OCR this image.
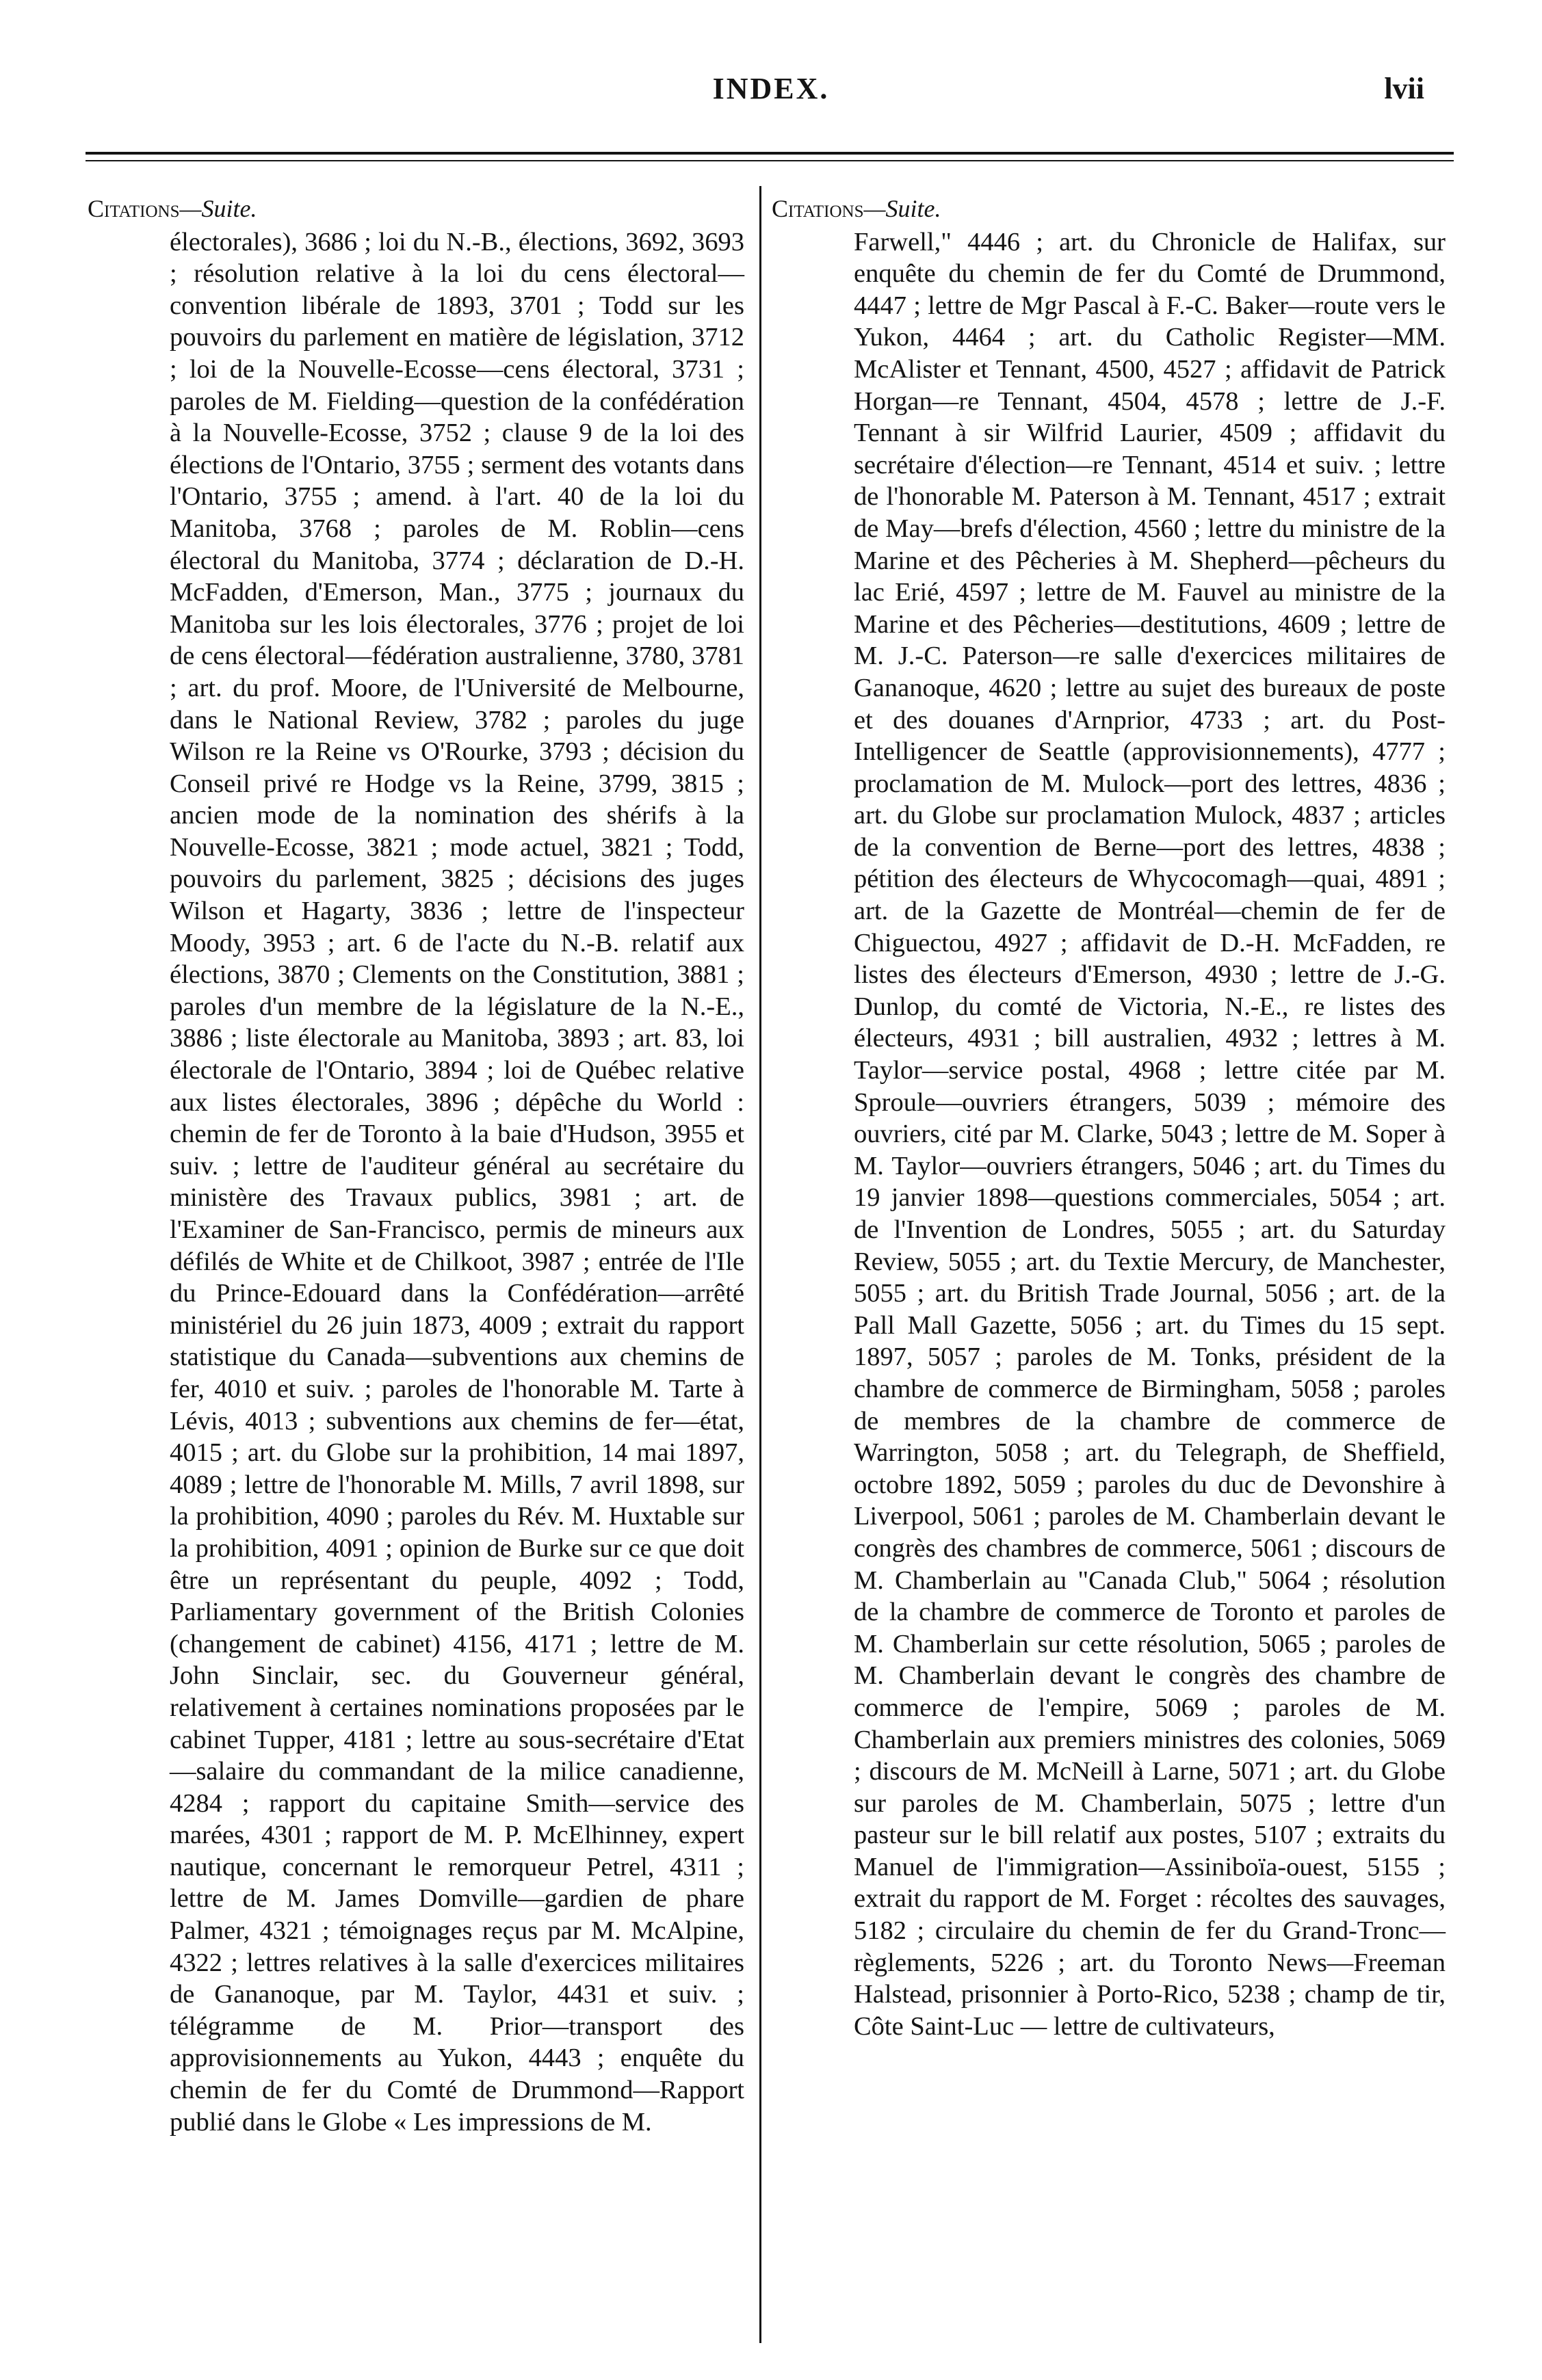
INDEX.	lvii
Citations—Suite.

électorales), 3686 ; loi du N.-B., élections, 3692, 3693 ; résolution relative à la loi du cens électoral—convention libérale de 1893, 3701 ; Todd sur les pouvoirs du parlement en matière de législation, 3712 ; loi de la Nouvelle-Ecosse—cens électoral, 3731 ; paroles de M. Fielding—question de la confédération à la Nouvelle-Ecosse, 3752 ; clause 9 de la loi des élections de l'Ontario, 3755 ; serment des votants dans l'Ontario, 3755 ; amend. à l'art. 40 de la loi du Manitoba, 3768 ; paroles de M. Roblin—cens électoral du Manitoba, 3774 ; déclaration de D.-H. McFadden, d'Emerson, Man., 3775 ; journaux du Manitoba sur les lois électorales, 3776 ; projet de loi de cens électoral—fédération australienne, 3780, 3781 ; art. du prof. Moore, de l'Université de Melbourne, dans le National Review, 3782 ; paroles du juge Wilson re la Reine vs O'Rourke, 3793 ; décision du Conseil privé re Hodge vs la Reine, 3799, 3815 ; ancien mode de la nomination des shérifs à la Nouvelle-Ecosse, 3821 ; mode actuel, 3821 ; Todd, pouvoirs du parlement, 3825 ; décisions des juges Wilson et Hagarty, 3836 ; lettre de l'inspecteur Moody, 3953 ; art. 6 de l'acte du N.-B. relatif aux élections, 3870 ; Clements on the Constitution, 3881 ; paroles d'un membre de la législature de la N.-E., 3886 ; liste électorale au Manitoba, 3893 ; art. 83, loi électorale de l'Ontario, 3894 ; loi de Québec relative aux listes électorales, 3896 ; dépêche du World : chemin de fer de Toronto à la baie d'Hudson, 3955 et suiv. ; lettre de l'auditeur général au secrétaire du ministère des Travaux publics, 3981 ; art. de l'Examiner de San-Francisco, permis de mineurs aux défilés de White et de Chilkoot, 3987 ; entrée de l'Ile du Prince-Edouard dans la Confédération—arrêté ministériel du 26 juin 1873, 4009 ; extrait du rapport statistique du Canada—subventions aux chemins de fer, 4010 et suiv. ; paroles de l'honorable M. Tarte à Lévis, 4013 ; subventions aux chemins de fer—état, 4015 ; art. du Globe sur la prohibition, 14 mai 1897, 4089 ; lettre de l'honorable M. Mills, 7 avril 1898, sur la prohibition, 4090 ; paroles du Rév. M. Huxtable sur la prohibition, 4091 ; opinion de Burke sur ce que doit être un représentant du peuple, 4092 ; Todd, Parliamentary government of the British Colonies (changement de cabinet) 4156, 4171 ; lettre de M. John Sinclair, sec. du Gouverneur général, relativement à certaines nominations proposées par le cabinet Tupper, 4181 ; lettre au sous-secrétaire d'Etat—salaire du commandant de la milice canadienne, 4284 ; rapport du capitaine Smith—service des marées, 4301 ; rapport de M. P. McElhinney, expert nautique, concernant le remorqueur Petrel, 4311 ; lettre de M. James Domville—gardien de phare Palmer, 4321 ; témoignages reçus par M. McAlpine, 4322 ; lettres relatives à la salle d'exercices militaires de Gananoque, par M. Taylor, 4431 et suiv. ; télégramme de M. Prior—transport des approvisionnements au Yukon, 4443 ; enquête du chemin de fer du Comté de Drummond—Rapport publié dans le Globe « Les impressions de M.

Citations—Suite.

Farwell," 4446 ; art. du Chronicle de Halifax, sur enquête du chemin de fer du Comté de Drummond, 4447 ; lettre de Mgr Pascal à F.-C. Baker—route vers le Yukon, 4464 ; art. du Catholic Register—MM. McAlister et Tennant, 4500, 4527 ; affidavit de Patrick Horgan—re Tennant, 4504, 4578 ; lettre de J.-F. Tennant à sir Wilfrid Laurier, 4509 ; affidavit du secrétaire d'élection—re Tennant, 4514 et suiv. ; lettre de l'honorable M. Paterson à M. Tennant, 4517 ; extrait de May—brefs d'élection, 4560 ; lettre du ministre de la Marine et des Pêcheries à M. Shepherd—pêcheurs du lac Erié, 4597 ; lettre de M. Fauvel au ministre de la Marine et des Pêcheries—destitutions, 4609 ; lettre de M. J.-C. Paterson—re salle d'exercices militaires de Gananoque, 4620 ; lettre au sujet des bureaux de poste et des douanes d'Arnprior, 4733 ; art. du Post-Intelligencer de Seattle (approvisionnements), 4777 ; proclamation de M. Mulock—port des lettres, 4836 ; art. du Globe sur proclamation Mulock, 4837 ; articles de la convention de Berne—port des lettres, 4838 ; pétition des électeurs de Whycocomagh—quai, 4891 ; art. de la Gazette de Montréal—chemin de fer de Chiguectou, 4927 ; affidavit de D.-H. McFadden, re listes des électeurs d'Emerson, 4930 ; lettre de J.-G. Dunlop, du comté de Victoria, N.-E., re listes des électeurs, 4931 ; bill australien, 4932 ; lettres à M. Taylor—service postal, 4968 ; lettre citée par M. Sproule—ouvriers étrangers, 5039 ; mémoire des ouvriers, cité par M. Clarke, 5043 ; lettre de M. Soper à M. Taylor—ouvriers étrangers, 5046 ; art. du Times du 19 janvier 1898—questions commerciales, 5054 ; art. de l'Invention de Londres, 5055 ; art. du Saturday Review, 5055 ; art. du Textie Mercury, de Manchester, 5055 ; art. du British Trade Journal, 5056 ; art. de la Pall Mall Gazette, 5056 ; art. du Times du 15 sept. 1897, 5057 ; paroles de M. Tonks, président de la chambre de commerce de Birmingham, 5058 ; paroles de membres de la chambre de commerce de Warrington, 5058 ; art. du Telegraph, de Sheffield, octobre 1892, 5059 ; paroles du duc de Devonshire à Liverpool, 5061 ; paroles de M. Chamberlain devant le congrès des chambres de commerce, 5061 ; discours de M. Chamberlain au "Canada Club," 5064 ; résolution de la chambre de commerce de Toronto et paroles de M. Chamberlain sur cette résolution, 5065 ; paroles de M. Chamberlain devant le congrès des chambre de commerce de l'empire, 5069 ; paroles de M. Chamberlain aux premiers ministres des colonies, 5069 ; discours de M. McNeill à Larne, 5071 ; art. du Globe sur paroles de M. Chamberlain, 5075 ; lettre d'un pasteur sur le bill relatif aux postes, 5107 ; extraits du Manuel de l'immigration—Assiniboïa-ouest, 5155 ; extrait du rapport de M. Forget : récoltes des sauvages, 5182 ; circulaire du chemin de fer du Grand-Tronc—règlements, 5226 ; art. du Toronto News—Freeman Halstead, prisonnier à Porto-Rico, 5238 ; champ de tir, Côte Saint-Luc — lettre de cultivateurs,
